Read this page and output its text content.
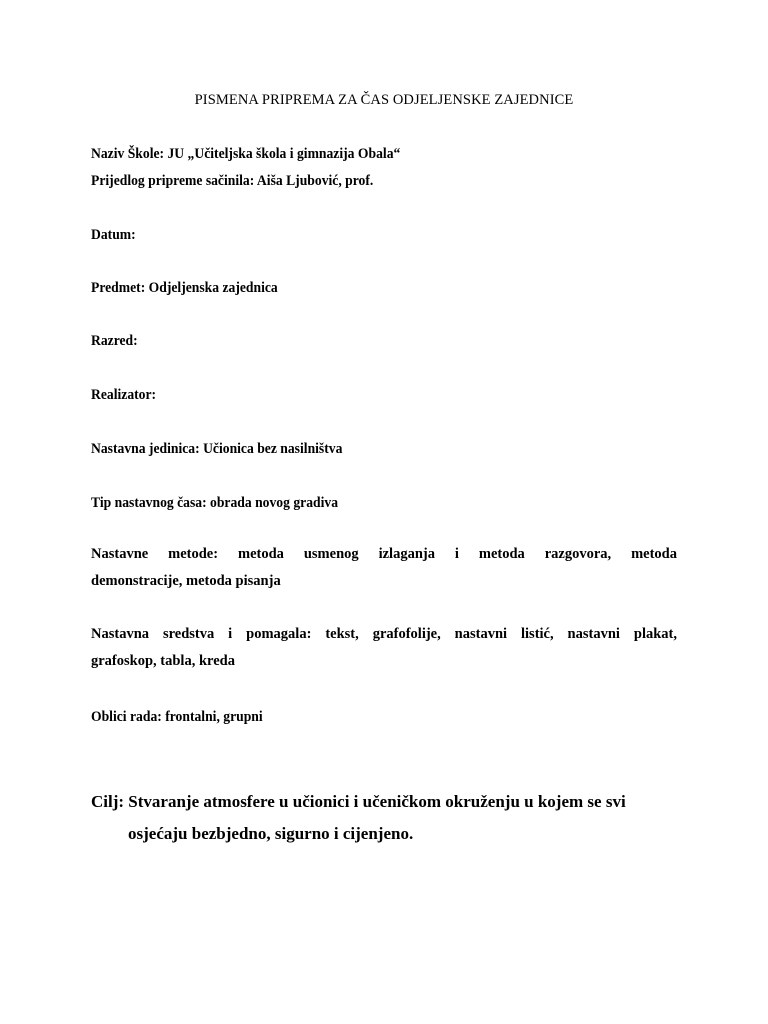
PISMENA PRIPREMA ZA ČAS ODJELJENSKE ZAJEDNICE
Naziv Škole: JU „Učiteljska škola i gimnazija Obala“
Prijedlog pripreme sačinila: Aiša Ljubović, prof.
Datum:
Predmet: Odjeljenska zajednica
Razred:
Realizator:
Nastavna jedinica: Učionica bez nasilništva
Tip nastavnog časa: obrada novog gradiva
Nastavne metode: metoda usmenog izlaganja i metoda razgovora, metoda
demonstracije, metoda pisanja
Nastavna sredstva i pomagala: tekst, grafofolije, nastavni listić, nastavni plakat,
grafoskop, tabla, kreda
Oblici rada: frontalni, grupni
Cilj: Stvaranje atmosfere u učionici i učeničkom okruženju u kojem se svi
osjećaju bezbjedno, sigurno i cijenjeno.
